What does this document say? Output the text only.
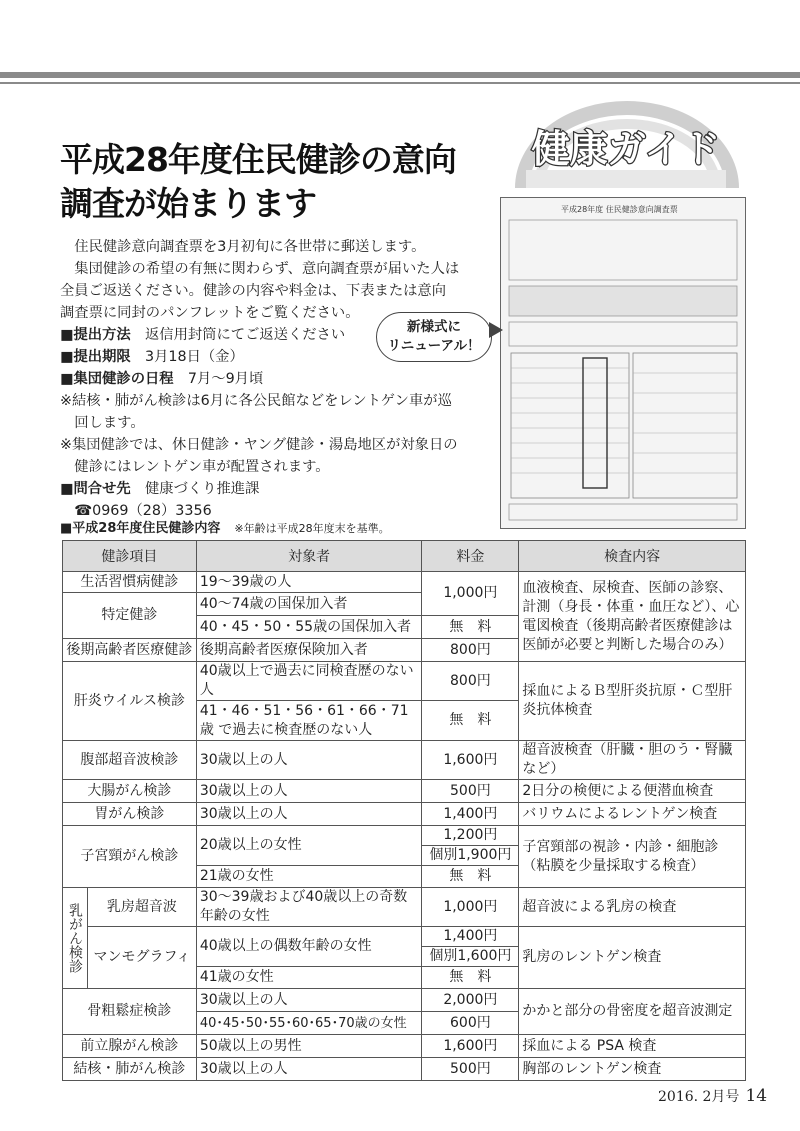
平成28年度住民健診の意向
調査が始まります
健康ガイド

住民健診意向調査票を3月初旬に各世帯に郵送します。

集団健診の希望の有無に関わらず、意向調査票が届いた人は全員ご返送ください。健診の内容や料金は、下表または意向調査票に同封のパンフレットをご覧ください。

■提出方法　 返信用封筒にてご返送ください

■提出期限　 3月18日（金）

■集団健診の日程　 7月～9月頃

※結核・肺がん検診は6月に各公民館などをレントゲン車が巡回します。

※集団健診では、休日健診・ヤング健診・湯島地区が対象日の健診にはレントゲン車が配置されます。

■問合せ先　 健康づくり推進課

☎0969（28）3356

平成28年度 住民健診意向調査票
新様式に
リニューアル！
■平成28年度住民健診内容 ※年齢は平成28年度末を基準。
健診項目		対象者	料金	検査内容
生活習慣病健診		19～39歳の人	1,000円	血液検査、尿検査、医師の診察、計測（身長・体重・血圧など）、心電図検査（後期高齢者医療健診は医師が必要と判断した場合のみ）
特定健診		40～74歳の国保加入者		
		40・45・50・55歳の国保加入者	無　料	
後期高齢者医療健診		後期高齢者医療保険加入者	800円	
肝炎ウイルス検診		40歳以上で過去に同検査歴のない人	800円	採血によるＢ型肝炎抗原・Ｃ型肝炎抗体検査
		41・46・51・56・61・66・71歳 で過去に検査歴のない人	無　料	
腹部超音波検診		30歳以上の人	1,600円	超音波検査（肝臓・胆のう・腎臓など）
大腸がん検診		30歳以上の人	500円	2日分の検便による便潜血検査
胃がん検診		30歳以上の人	1,400円	バリウムによるレントゲン検査
子宮頸がん検診		20歳以上の女性	1,200円	子宮頸部の視診・内診・細胞診（粘膜を少量採取する検査）
			個別1,900円	
		21歳の女性	無　料	
乳がん検診	乳房超音波	30～39歳および40歳以上の奇数年齢の女性	1,000円	超音波による乳房の検査
	マンモグラフィ	40歳以上の偶数年齢の女性	1,400円	乳房のレントゲン検査
			個別1,600円	
		41歳の女性	無　料	
骨粗鬆症検診		30歳以上の人	2,000円	かかと部分の骨密度を超音波測定
		40･45･50･55･60･65･70歳の女性	600円	
前立腺がん検診		50歳以上の男性	1,600円	採血による PSA 検査
結核・肺がん検診		30歳以上の人	500円	胸部のレントゲン検査
2016. 2月号 14
